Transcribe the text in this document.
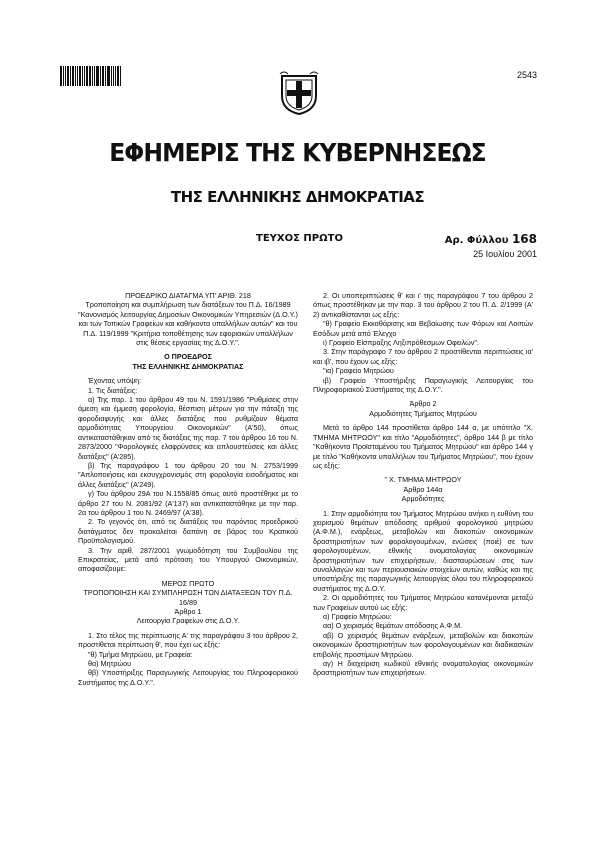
2543
ΕΦΗΜΕΡΙΣ ΤΗΣ ΚΥΒΕΡΝΗΣΕΩΣ
ΤΗΣ ΕΛΛΗΝΙΚΗΣ ΔΗΜΟΚΡΑΤΙΑΣ
ΤΕΥΧΟΣ ΠΡΩΤΟ	Αρ. Φύλλου 168
25 Ιουλίου 2001

ΠΡΟΕΔΡΙΚΟ ΔΙΑΤΑΓΜΑ ΥΠ' ΑΡΙΘ. 218

Τροποποίηση και συμπλήρωση των διατάξεων του Π.Δ. 16/1989 "Κανονισμός λειτουργίας Δημοσίων Οικονομικών Υπηρεσιών (Δ.Ο.Υ.) και των Τοπικών Γραφείων και καθήκοντα υπαλλήλων αυτών" και του Π.Δ. 119/1999 "Κριτήρια τοποθέτησης των εφοριακών υπαλλήλων στις θέσεις εργασίας της Δ.Ο.Υ.".

Ο ΠΡΟΕΔΡΟΣ

ΤΗΣ ΕΛΛΗΝΙΚΗΣ ΔΗΜΟΚΡΑΤΙΑΣ

Έχοντας υπόψη:

1. Τις διατάξεις:

α) Της παρ. 1 του άρθρου 49 του Ν. 1591/1986 "Ρυθμίσεις στην άμεση και έμμεση φορολογία, θέσπιση μέτρων για την πάταξη της φοροδιαφυγής και άλλες διατάξεις που ρυθμίζουν θέματα αρμοδιότητας Υπουργείου Οικονομικών" (Α'50), όπως αντικαταστάθηκαν από τις διατάξεις της παρ. 7 του άρθρου 16 του Ν. 2873/2000 "Φορολογικές ελαφρύνσεις και απλουστεύσεις και άλλες διατάξεις" (Α'285).

β) Της παραγράφου 1 του άρθρου 20 του Ν. 2753/1999 "Απλοποιήσεις και εκσυγχρονισμός στη φορολογία εισοδήματος και άλλες διατάξεις" (Α'249).

γ) Του άρθρου 29Α του Ν.1558/85 όπως αυτό προστέθηκε με το άρθρο 27 του Ν. 2081/92 (Α'137) και αντικαταστάθηκε με την παρ. 2α του άρθρου 1 του Ν. 2469/97 (Α'38).

2. Το γεγονός ότι, από τις διατάξεις του παρόντος προεδρικού διατάγματος δεν προκαλείται δαπάνη σε βάρος του Κρατικού Προϋπολογισμού.

3. Την αριθ. 287/2001 γνωμοδότηση του Συμβουλίου της Επικρατείας, μετά από πρόταση του Υπουργού Οικονομικών, αποφασίζουμε:

ΜΕΡΟΣ ΠΡΩΤΟ

ΤΡΟΠΟΠΟΙΗΣΗ ΚΑΙ ΣΥΜΠΛΗΡΩΣΗ ΤΩΝ ΔΙΑΤΑΞΕΩΝ ΤΟΥ Π.Δ. 16/89

Άρθρο 1

Λειτουργία Γραφείων στις Δ.Ο.Υ.

1. Στο τέλος της περίπτωσης Α' της παραγράφου 3 του άρθρου 2, προστίθεται περίπτωση θ', που έχει ως εξής:

"θ) Τμήμα Μητρώου, με Γραφεία:

θα) Μητρώου

θβ) Υποστήριξης Παραγωγικής Λειτουργίας του Πληροφοριακού Συστήματος της Δ.Ο.Υ.".

2. Οι υποπεριπτώσεις θ' και ι' της παραγράφου 7 του άρθρου 2 όπως προστέθηκαν με την παρ. 3 του άρθρου 2 του Π. Δ. 2/1999 (Α' 2) αντικαθίστανται ως εξής:

"θ) Γραφείο Εκκαθάρισης και Βεβαίωσης των Φόρων και Λοιπών Εσόδων μετά από Έλεγχο

ι) Γραφείο Είσπραξης Ληξιπρόθεσμων Οφειλών".

3. Στην παράγραφο 7 του άρθρου 2 προστίθενται περιπτώσεις ια' και ιβ', που έχουν ως εξής:

"ια) Γραφείο Μητρώου

ιβ) Γραφείο Υποστήριξης Παραγωγικής Λειτουργίας του Πληροφοριακού Συστήματος της Δ.Ο.Υ.".

Άρθρο 2

Αρμοδιότητες Τμήματος Μητρώου

Μετά το άρθρο 144 προστίθεται άρθρο 144 α, με υπότιτλο "Χ. ΤΜΗΜΑ ΜΗΤΡΩΟΥ" και τίτλο "Αρμοδιότητες", άρθρο 144 β με τίτλο "Καθήκοντα Προϊσταμένου του Τμήματος Μητρώου" και άρθρο 144 γ με τίτλο "Καθήκοντα υπαλλήλων του Τμήματος Μητρώου", που έχουν ως εξής:

" Χ. ΤΜΗΜΑ ΜΗΤΡΩΟΥ

Άρθρο 144α

Αρμοδιότητες

1. Στην αρμοδιότητα του Τμήματος Μητρώου ανήκει η ευθύνη του χειρισμού θεμάτων απόδοσης αριθμού φορολογικού μητρώου (Α.Φ.Μ.), ενάρξεως, μεταβολών και διακοπών οικονομικών δραστηριοτήτων των φορολογουμένων, ενώσεις (ποιέ) σε των φορολογουμένων, εθνικής ονοματολογίας οικονομικών δραστηριοτήτων των επιχειρήσεων, διασταυρώσεων στις των συναλλαγών και των περιουσιακών στοιχείων αυτών, καθώς και της υποστήριξης της παραγωγικής λειτουργίας όλου του πληροφοριακού συστήματος της Δ.Ο.Υ.

2. Οι αρμοδιότητες του Τμήματος Μητρώου κατανέμονται μεταξύ των Γραφείων αυτού ως εξής:

α) Γραφείο Μητρώου:

αα) Ο χειρισμός θεμάτων απόδοσης Α.Φ.Μ.

αβ) Ο χειρισμός θεμάτων ενάρξεων, μεταβολών και διακοπών οικονομικών δραστηριοτήτων των φορολογουμένων και διαδικασιών επιβολής προστίμων Μητρώου.

αγ) Η διαχείριση κωδικού εθνικής ονοματολογίας οικονομικών δραστηριοτήτων των επιχειρήσεων.
